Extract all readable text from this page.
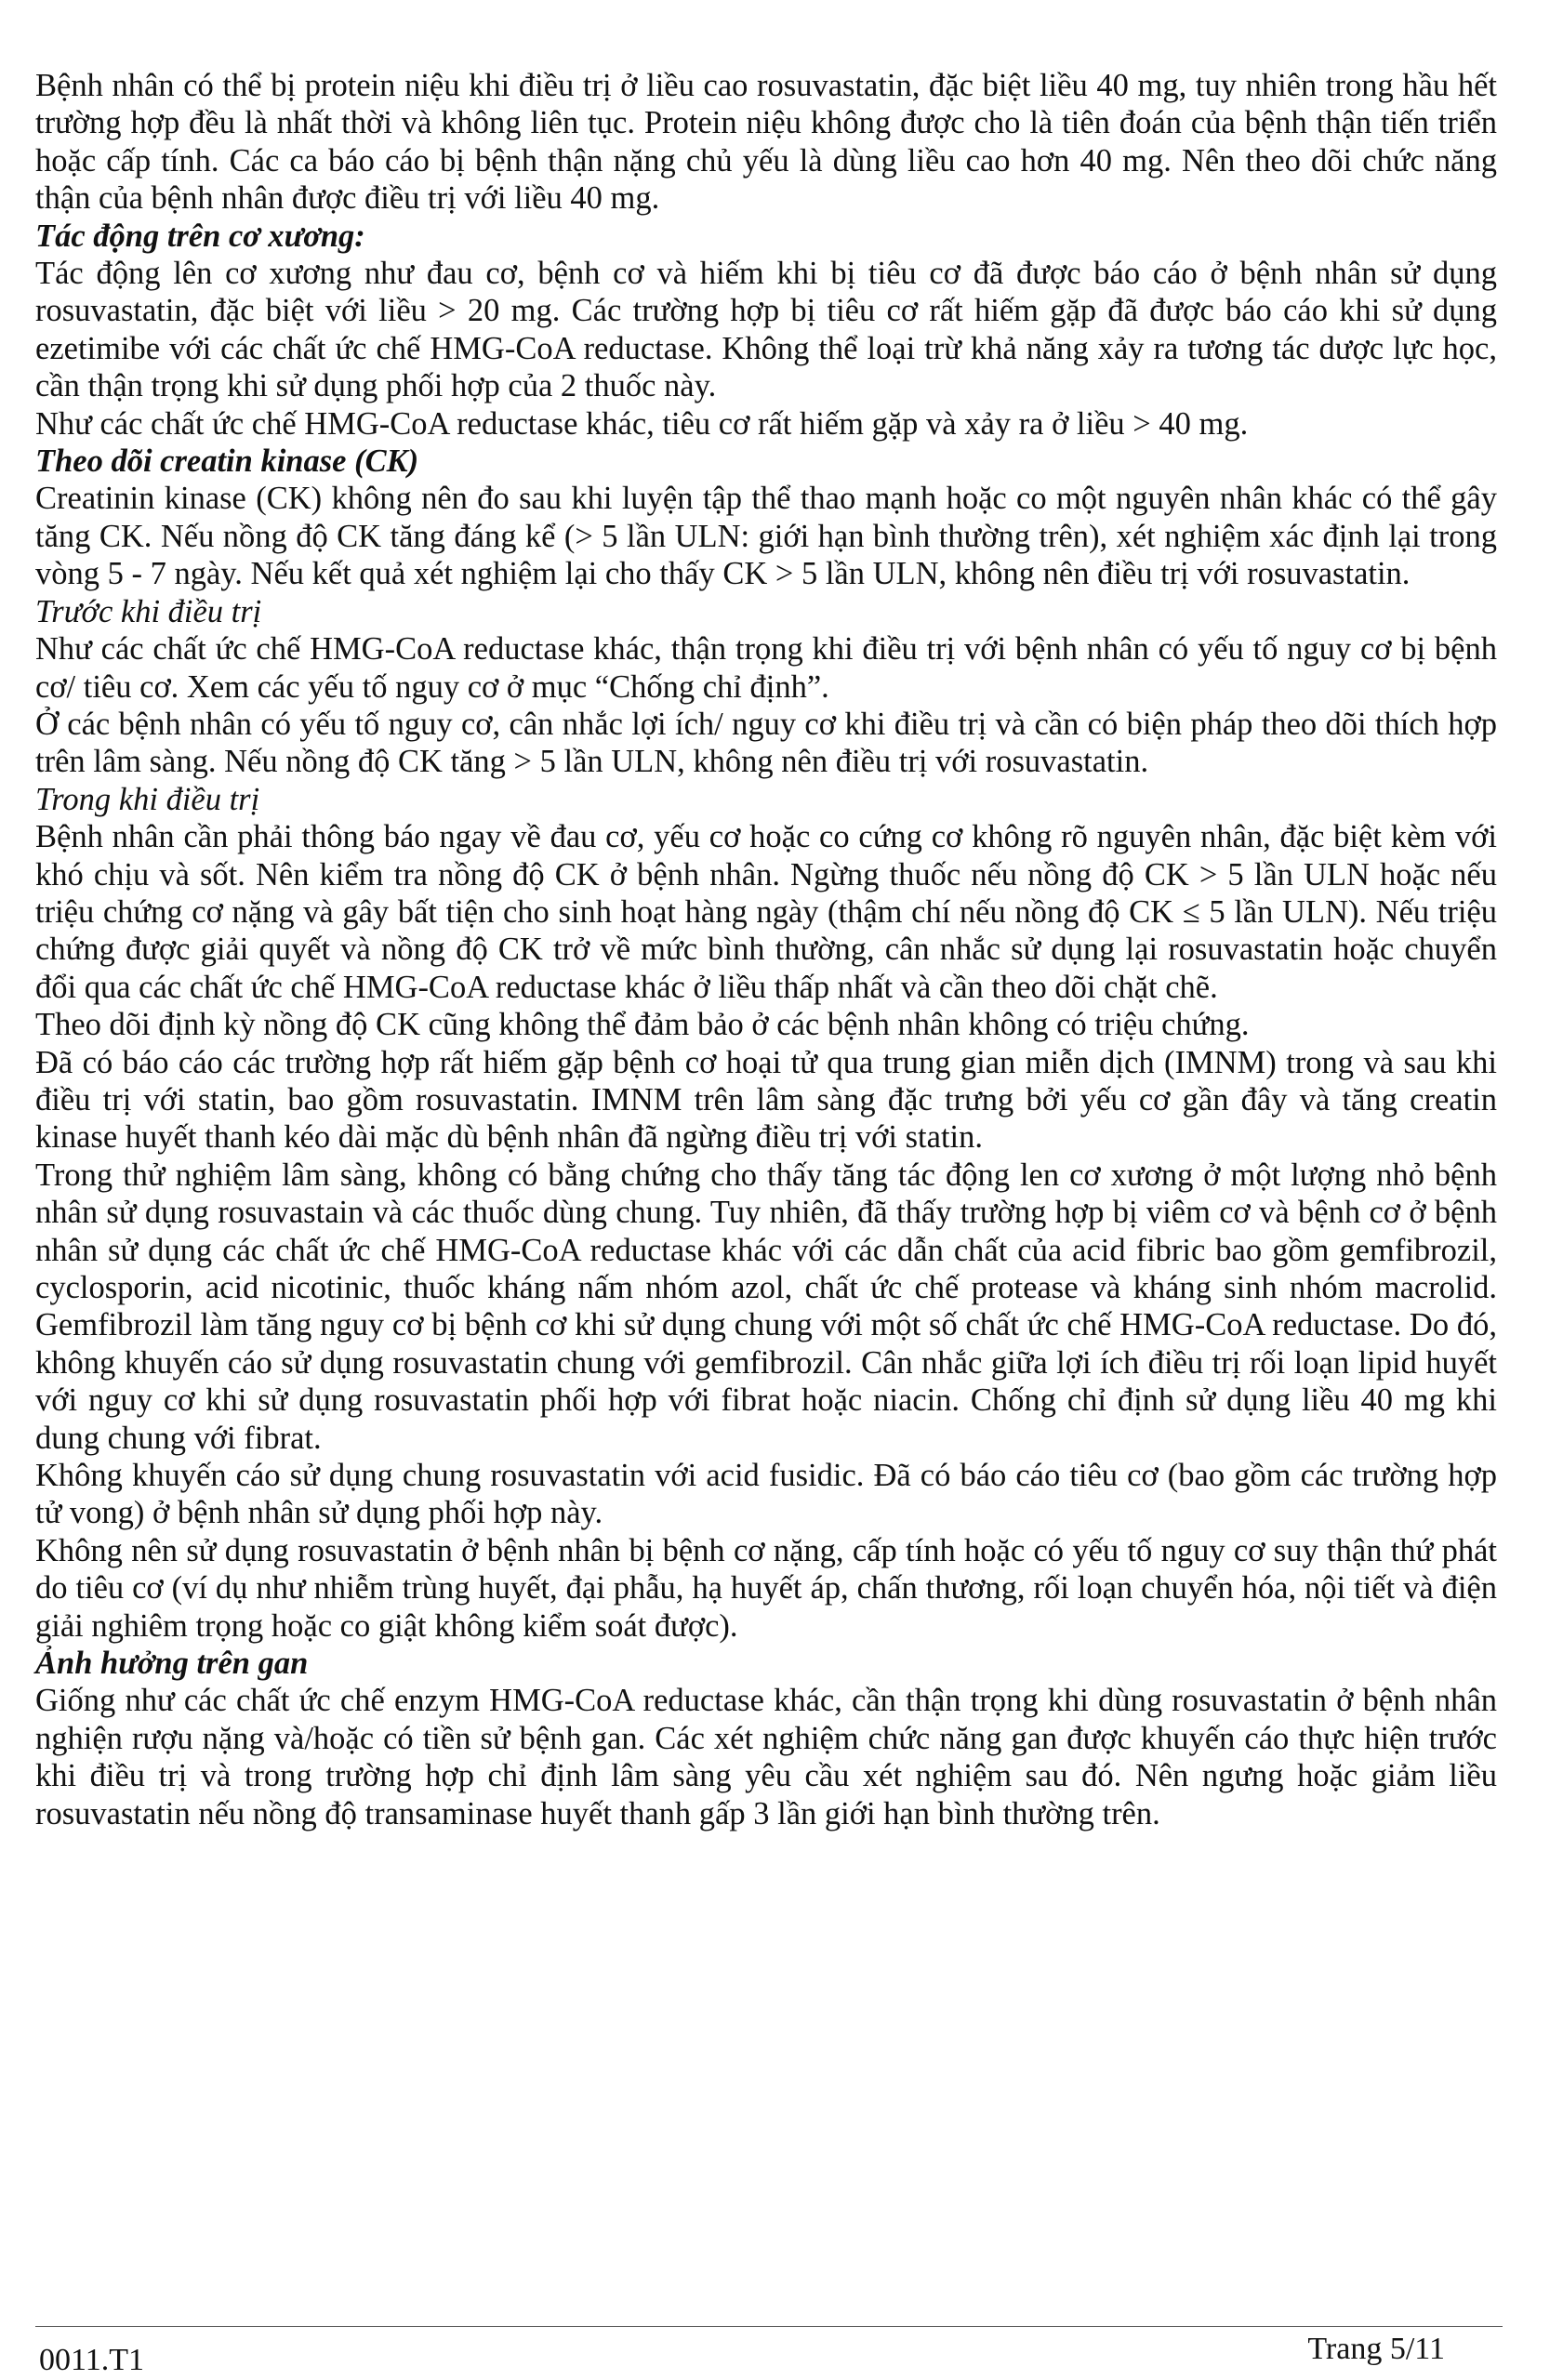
Bệnh nhân có thể bị protein niệu khi điều trị ở liều cao rosuvastatin, đặc biệt liều 40 mg, tuy nhiên trong hầu hết trường hợp đều là nhất thời và không liên tục. Protein niệu không được cho là tiên đoán của bệnh thận tiến triển hoặc cấp tính. Các ca báo cáo bị bệnh thận nặng chủ yếu là dùng liều cao hơn 40 mg. Nên theo dõi chức năng thận của bệnh nhân được điều trị với liều 40 mg.

Tác động trên cơ xương:

Tác động lên cơ xương như đau cơ, bệnh cơ và hiếm khi bị tiêu cơ đã được báo cáo ở bệnh nhân sử dụng rosuvastatin, đặc biệt với liều > 20 mg. Các trường hợp bị tiêu cơ rất hiếm gặp đã được báo cáo khi sử dụng ezetimibe với các chất ức chế HMG-CoA reductase. Không thể loại trừ khả năng xảy ra tương tác dược lực học, cần thận trọng khi sử dụng phối hợp của 2 thuốc này.

Như các chất ức chế HMG-CoA reductase khác, tiêu cơ rất hiếm gặp và xảy ra ở liều > 40 mg.

Theo dõi creatin kinase (CK)

Creatinin kinase (CK) không nên đo sau khi luyện tập thể thao mạnh hoặc co một nguyên nhân khác có thể gây tăng CK. Nếu nồng độ CK tăng đáng kể (> 5 lần ULN: giới hạn bình thường trên), xét nghiệm xác định lại trong vòng 5 - 7 ngày. Nếu kết quả xét nghiệm lại cho thấy CK > 5 lần ULN, không nên điều trị với rosuvastatin.

Trước khi điều trị

Như các chất ức chế HMG-CoA reductase khác, thận trọng khi điều trị với bệnh nhân có yếu tố nguy cơ bị bệnh cơ/ tiêu cơ. Xem các yếu tố nguy cơ ở mục “Chống chỉ định”.

Ở các bệnh nhân có yếu tố nguy cơ, cân nhắc lợi ích/ nguy cơ khi điều trị và cần có biện pháp theo dõi thích hợp trên lâm sàng. Nếu nồng độ CK tăng > 5 lần ULN, không nên điều trị với rosuvastatin.

Trong khi điều trị

Bệnh nhân cần phải thông báo ngay về đau cơ, yếu cơ hoặc co cứng cơ không rõ nguyên nhân, đặc biệt kèm với khó chịu và sốt. Nên kiểm tra nồng độ CK ở bệnh nhân. Ngừng thuốc nếu nồng độ CK > 5 lần ULN hoặc nếu triệu chứng cơ nặng và gây bất tiện cho sinh hoạt hàng ngày (thậm chí nếu nồng độ CK ≤ 5 lần ULN). Nếu triệu chứng được giải quyết và nồng độ CK trở về mức bình thường, cân nhắc sử dụng lại rosuvastatin hoặc chuyển đổi qua các chất ức chế HMG-CoA reductase khác ở liều thấp nhất và cần theo dõi chặt chẽ.

Theo dõi định kỳ nồng độ CK cũng không thể đảm bảo ở các bệnh nhân không có triệu chứng.

Đã có báo cáo các trường hợp rất hiếm gặp bệnh cơ hoại tử qua trung gian miễn dịch (IMNM) trong và sau khi điều trị với statin, bao gồm rosuvastatin. IMNM trên lâm sàng đặc trưng bởi yếu cơ gần đây và tăng creatin kinase huyết thanh kéo dài mặc dù bệnh nhân đã ngừng điều trị với statin.

Trong thử nghiệm lâm sàng, không có bằng chứng cho thấy tăng tác động len cơ xương ở một lượng nhỏ bệnh nhân sử dụng rosuvastain và các thuốc dùng chung. Tuy nhiên, đã thấy trường hợp bị viêm cơ và bệnh cơ ở bệnh nhân sử dụng các chất ức chế HMG-CoA reductase khác với các dẫn chất của acid fibric bao gồm gemfibrozil, cyclosporin, acid nicotinic, thuốc kháng nấm nhóm azol, chất ức chế protease và kháng sinh nhóm macrolid. Gemfibrozil làm tăng nguy cơ bị bệnh cơ khi sử dụng chung với một số chất ức chế HMG-CoA reductase. Do đó, không khuyến cáo sử dụng rosuvastatin chung với gemfibrozil. Cân nhắc giữa lợi ích điều trị rối loạn lipid huyết với nguy cơ khi sử dụng rosuvastatin phối hợp với fibrat hoặc niacin. Chống chỉ định sử dụng liều 40 mg khi dung chung với fibrat.

Không khuyến cáo sử dụng chung rosuvastatin với acid fusidic. Đã có báo cáo tiêu cơ (bao gồm các trường hợp tử vong) ở bệnh nhân sử dụng phối hợp này.

Không nên sử dụng rosuvastatin ở bệnh nhân bị bệnh cơ nặng, cấp tính hoặc có yếu tố nguy cơ suy thận thứ phát do tiêu cơ (ví dụ như nhiễm trùng huyết, đại phẫu, hạ huyết áp, chấn thương, rối loạn chuyển hóa, nội tiết và điện giải nghiêm trọng hoặc co giật không kiểm soát được).

Ảnh hưởng trên gan

Giống như các chất ức chế enzym HMG-CoA reductase khác, cần thận trọng khi dùng rosuvastatin ở bệnh nhân nghiện rượu nặng và/hoặc có tiền sử bệnh gan. Các xét nghiệm chức năng gan được khuyến cáo thực hiện trước khi điều trị và trong trường hợp chỉ định lâm sàng yêu cầu xét nghiệm sau đó. Nên ngưng hoặc giảm liều rosuvastatin nếu nồng độ transaminase huyết thanh gấp 3 lần giới hạn bình thường trên.

0011.T1	Trang 5/11
